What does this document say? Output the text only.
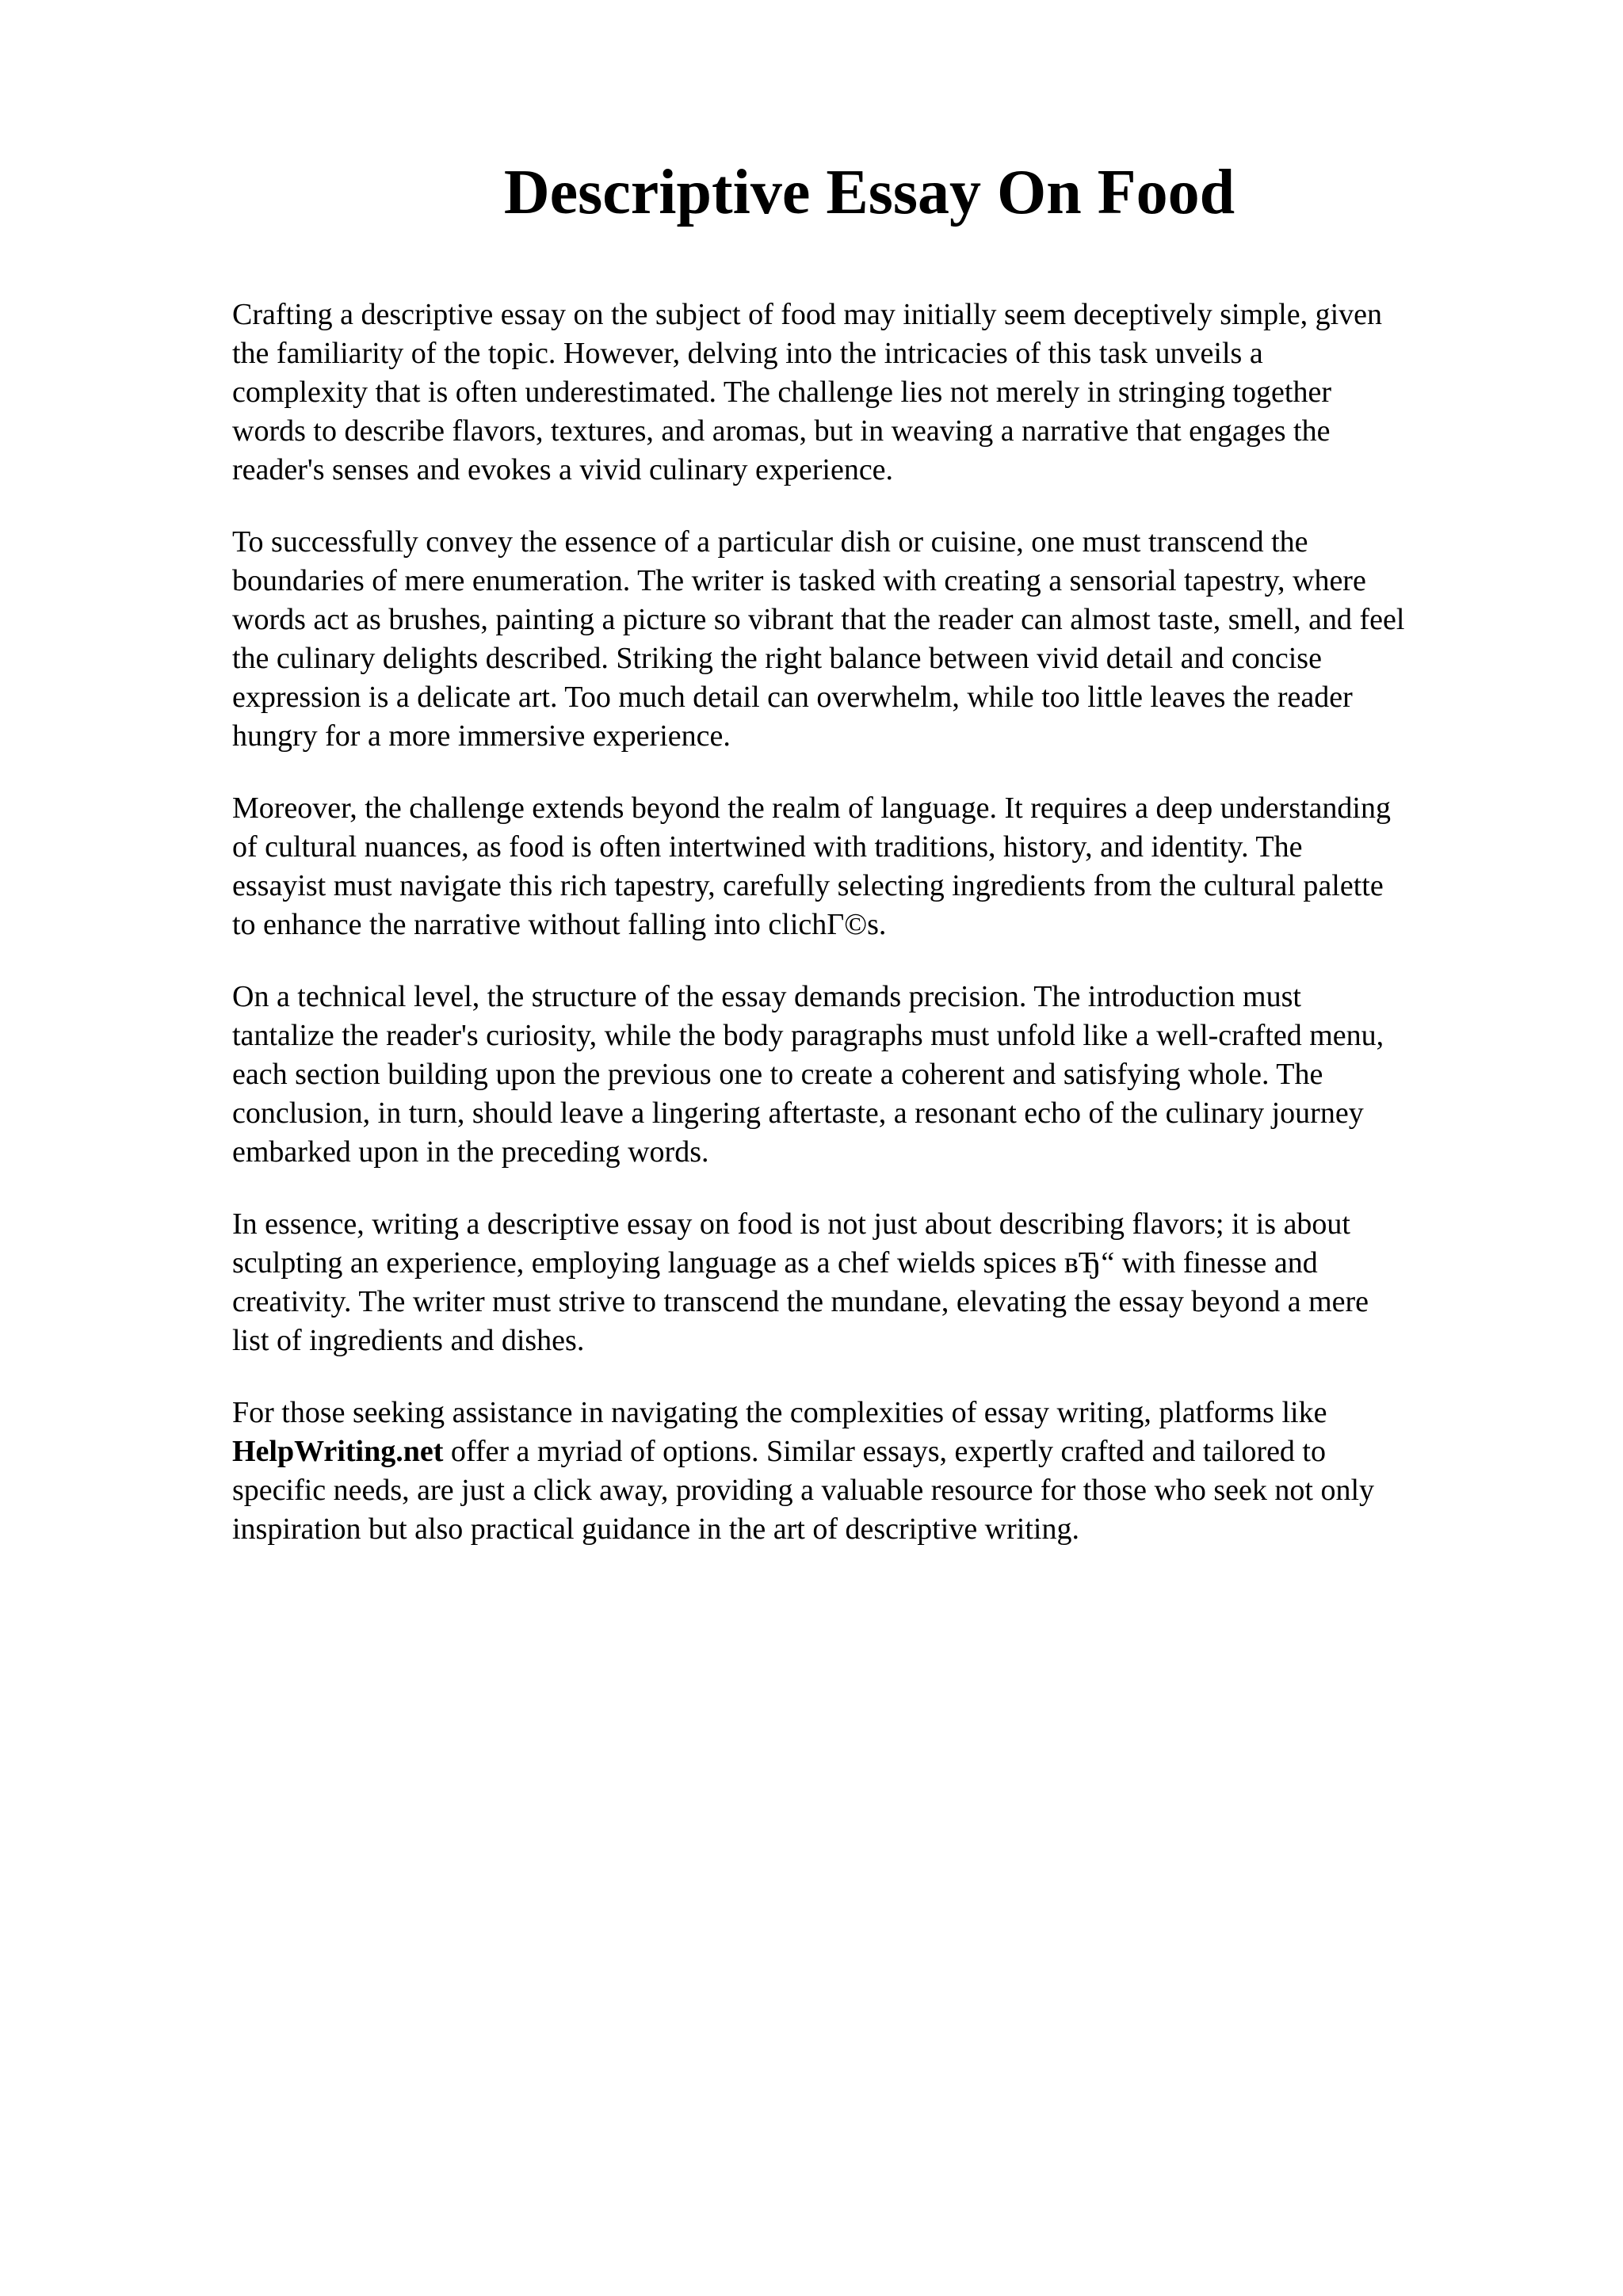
Descriptive Essay On Food

Crafting a descriptive essay on the subject of food may initially seem deceptively simple, given
the familiarity of the topic. However, delving into the intricacies of this task unveils a
complexity that is often underestimated. The challenge lies not merely in stringing together
words to describe flavors, textures, and aromas, but in weaving a narrative that engages the
reader's senses and evokes a vivid culinary experience.

To successfully convey the essence of a particular dish or cuisine, one must transcend the
boundaries of mere enumeration. The writer is tasked with creating a sensorial tapestry, where
words act as brushes, painting a picture so vibrant that the reader can almost taste, smell, and feel
the culinary delights described. Striking the right balance between vivid detail and concise
expression is a delicate art. Too much detail can overwhelm, while too little leaves the reader
hungry for a more immersive experience.

Moreover, the challenge extends beyond the realm of language. It requires a deep understanding
of cultural nuances, as food is often intertwined with traditions, history, and identity. The
essayist must navigate this rich tapestry, carefully selecting ingredients from the cultural palette
to enhance the narrative without falling into clichГ©s.

On a technical level, the structure of the essay demands precision. The introduction must
tantalize the reader's curiosity, while the body paragraphs must unfold like a well-crafted menu,
each section building upon the previous one to create a coherent and satisfying whole. The
conclusion, in turn, should leave a lingering aftertaste, a resonant echo of the culinary journey
embarked upon in the preceding words.

In essence, writing a descriptive essay on food is not just about describing flavors; it is about
sculpting an experience, employing language as a chef wields spices вЂ“ with finesse and
creativity. The writer must strive to transcend the mundane, elevating the essay beyond a mere
list of ingredients and dishes.

For those seeking assistance in navigating the complexities of essay writing, platforms like
HelpWriting.net offer a myriad of options. Similar essays, expertly crafted and tailored to
specific needs, are just a click away, providing a valuable resource for those who seek not only
inspiration but also practical guidance in the art of descriptive writing.
